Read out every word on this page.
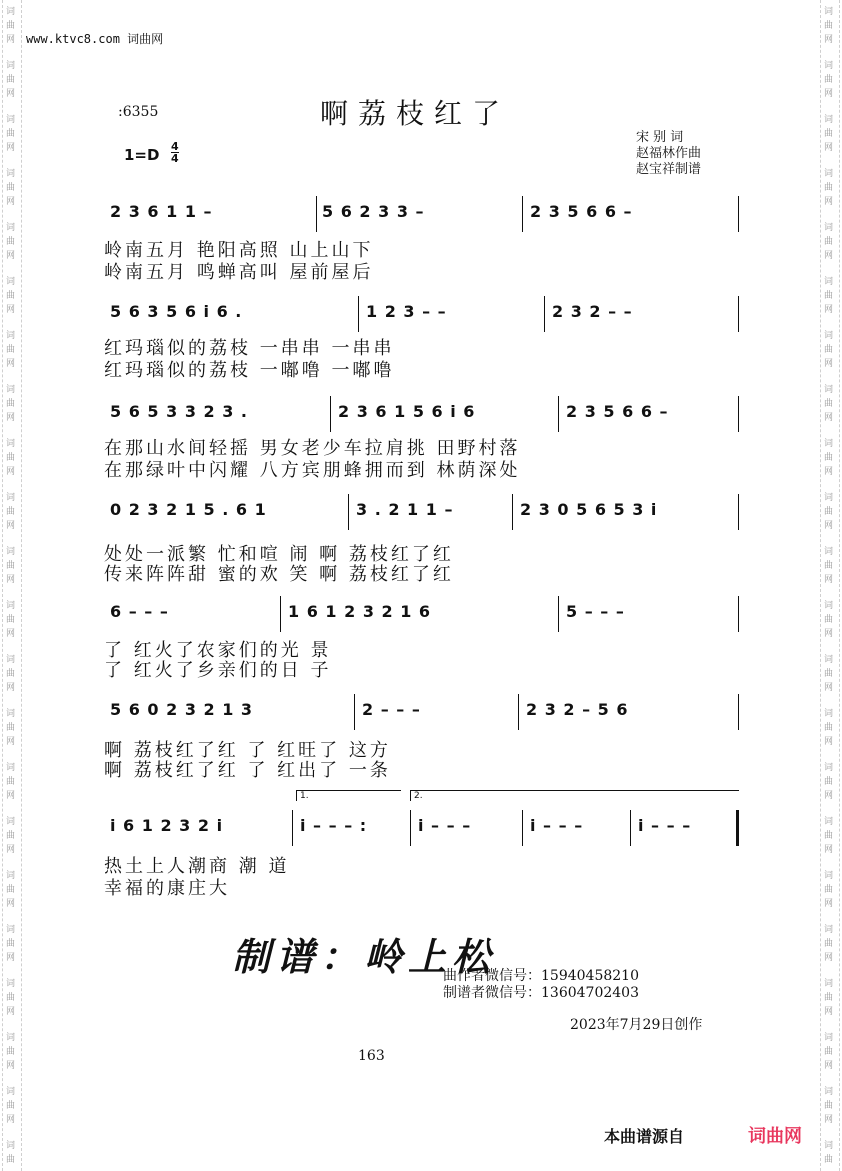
词
曲
网
词
曲
网
词
曲
网
词
曲
网
词
曲
网
词
曲
网
词
曲
网
词
曲
网
词
曲
网
词
曲
网
词
曲
网
词
曲
网
词
曲
网
词
曲
网
词
曲
网
词
曲
网
词
曲
网
词
曲
网
词
曲
网
词
曲
网
词
曲
网
词
曲
词
曲
网
词
曲
网
词
曲
网
词
曲
网
词
曲
网
词
曲
网
词
曲
网
词
曲
网
词
曲
网
词
曲
网
词
曲
网
词
曲
网
词
曲
网
词
曲
网
词
曲
网
词
曲
网
词
曲
网
词
曲
网
词
曲
网
词
曲
网
词
曲
网
词
曲
www.ktvc8.com 词曲网
啊荔枝红了
:6355
1=D 4
4
宋 别 词
赵福林作曲
赵宝祥制谱
2 3 6 1 1 –	5 6 2 3 3 –	2 3 5 6 6 –
岭南五月 艳阳高照 山上山下
岭南五月 鸣蝉高叫 屋前屋后
5 6 3 5 6 i 6 .	1 2 3 – –	2 3 2 – –
红玛瑙似的荔枝 一串串 一串串
红玛瑙似的荔枝 一嘟噜 一嘟噜
5 6 5 3 3 2 3 .	2 3 6 1 5 6 i 6	2 3 5 6 6 –
在那山水间轻摇 男女老少车拉肩挑 田野村落
在那绿叶中闪耀 八方宾朋蜂拥而到 林荫深处
0 2 3 2 1 5 . 6 1	3 . 2 1 1 –	2 3 0 5 6 5 3 i
处处一派繁 忙和喧 闹 啊 荔枝红了红
传来阵阵甜 蜜的欢 笑 啊 荔枝红了红
6 – – –	1 6 1 2 3 2 1 6	5 – – –
了 红火了农家们的光 景
了 红火了乡亲们的日 子
5 6 0 2 3 2 1 3	2 – – –	2 3 2 – 5 6
啊 荔枝红了红 了 红旺了 这方
啊 荔枝红了红 了 红出了 一条
1.	2.
i 6 1 2 3 2 i	i – – – :	i – – –	i – – –	i – – –
热土上人潮商 潮 道
幸福的康庄大
制谱：岭上松
曲作者微信号：15940458210
制谱者微信号：13604702403
2023年7月29日创作
163
本曲谱源自	词曲网
